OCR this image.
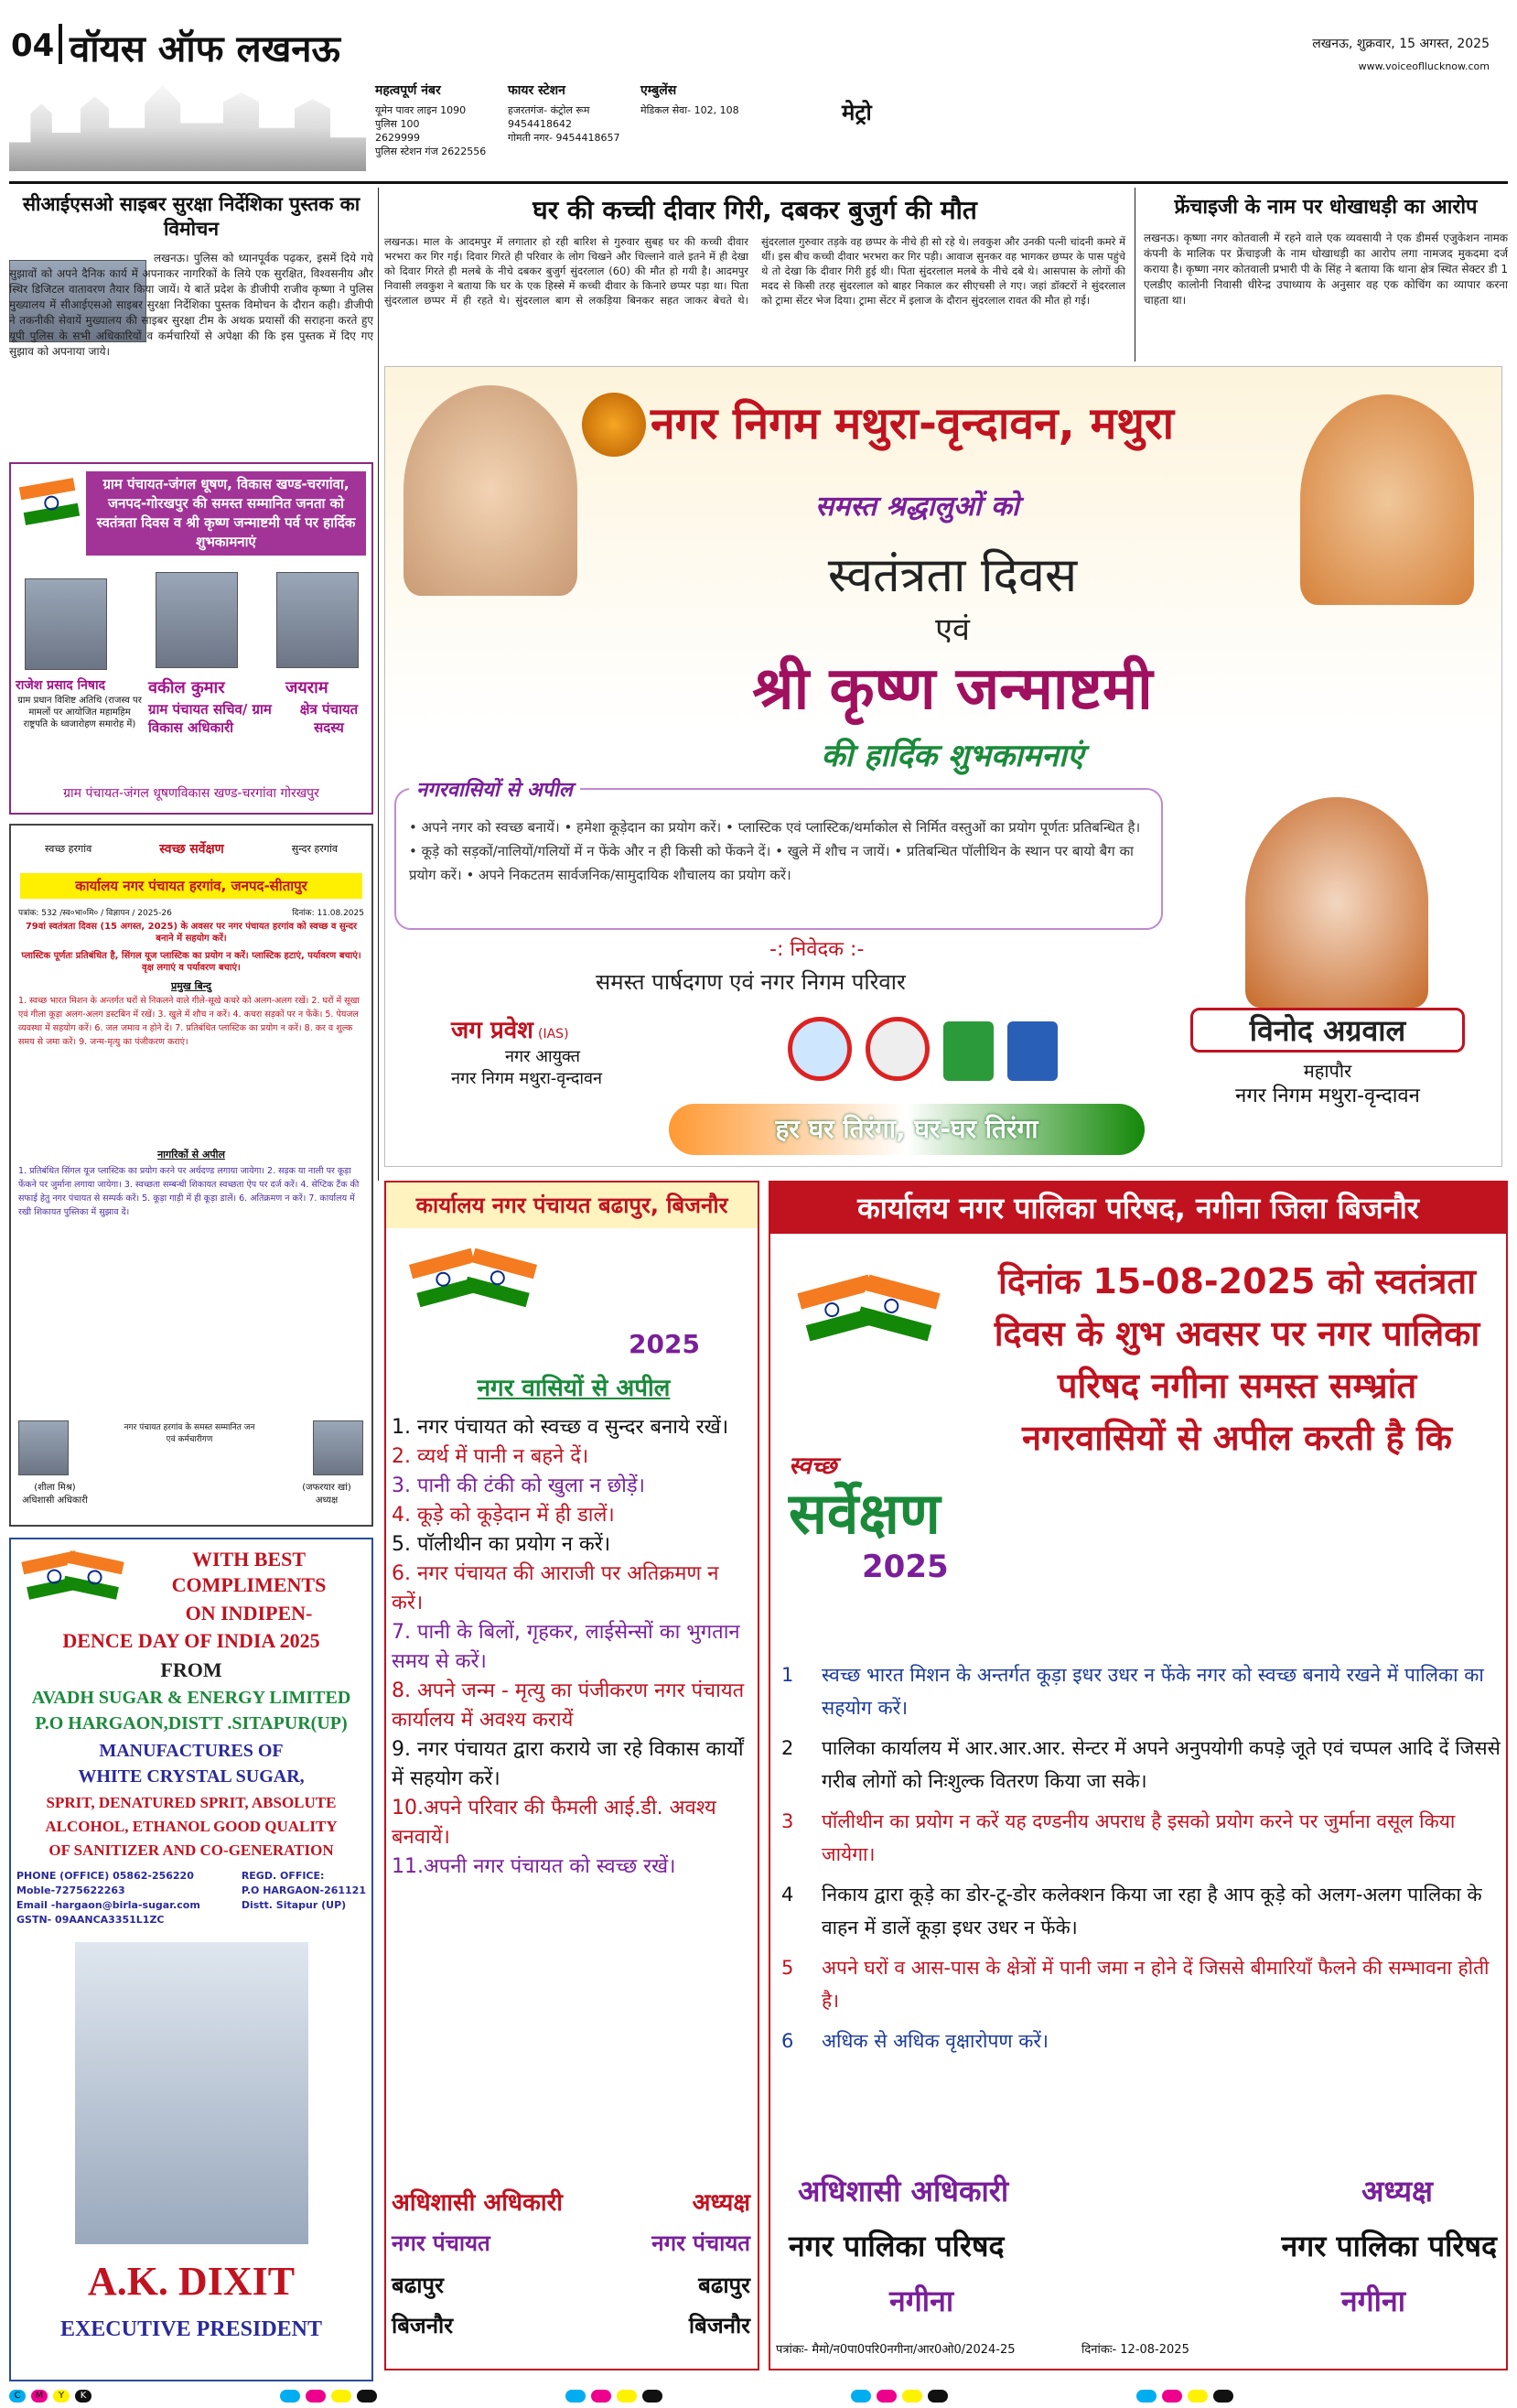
04 वॉयस ऑफ लखनऊ	लखनऊ, शुक्रवार, 15 अगस्त, 2025
www.voiceofllucknow.com
मेट्रो
महत्वपूर्ण नंबर
यूमेन पावर लाइन 1090
पुलिस 100
2629999
पुलिस स्टेशन गंज 2622556
फायर स्टेशन
हजरतगंज- कंट्रोल रूम
9454418642
गोमती नगर- 9454418657
एम्बुलेंस
मेडिकल सेवा- 102, 108
सीआईएसओ साइबर सुरक्षा निर्देशिका पुस्तक का विमोचन
लखनऊ। पुलिस को ध्यानपूर्वक पढ़कर, इसमें दिये गये सुझावों को अपने दैनिक कार्य में अपनाकर नागरिकों के लिये एक सुरक्षित, विश्वसनीय और स्थिर डिजिटल वातावरण तैयार किया जायें। ये बातें प्रदेश के डीजीपी राजीव कृष्णा ने पुलिस मुख्यालय में सीआईएसओ साइबर सुरक्षा निर्देशिका पुस्तक विमोचन के दौरान कही। डीजीपी ने तकनीकी सेवायें मुख्यालय की साइबर सुरक्षा टीम के अथक प्रयासों की सराहना करते हुए यूपी पुलिस के सभी अधिकारियों व कर्मचारियों से अपेक्षा की कि इस पुस्तक में दिए गए सुझाव को अपनाया जाये।
घर की कच्ची दीवार गिरी, दबकर बुजुर्ग की मौत
लखनऊ। माल के आदमपुर में लगातार हो रही बारिश से गुरुवार सुबह घर की कच्ची दीवार भरभरा कर गिर गई। दिवार गिरते ही परिवार के लोग चिखने और चिल्लाने वाले इतने में ही देखा को दिवार गिरते ही मलबे के नीचे दबकर बुजुर्ग सुंदरलाल (60) की मौत हो गयी है। आदमपुर निवासी लवकुश ने बताया कि घर के एक हिस्से में कच्ची दीवार के किनारे छप्पर पड़ा था। पिता सुंदरलाल छप्पर में ही रहते थे। सुंदरलाल बाग से लकड़िया बिनकर सहत जाकर बेचते थे। सुंदरलाल गुरुवार तड़के वह छप्पर के नीचे ही सो रहे थे। लवकुश और उनकी पत्नी चांदनी कमरे में थीं। इस बीच कच्ची दीवार भरभरा कर गिर पड़ी। आवाज सुनकर वह भागकर छप्पर के पास पहुंचे थे तो देखा कि दीवार गिरी हुई थी। पिता सुंदरलाल मलबे के नीचे दबे थे। आसपास के लोगों की मदद से किसी तरह सुंदरलाल को बाहर निकाल कर सीएचसी ले गए। जहां डॉक्टरों ने सुंदरलाल को ट्रामा सेंटर भेज दिया। ट्रामा सेंटर में इलाज के दौरान सुंदरलाल रावत की मौत हो गई।
फ्रेंचाइजी के नाम पर धोखाधड़ी का आरोप
लखनऊ। कृष्णा नगर कोतवाली में रहने वाले एक व्यवसायी ने एक डीमर्स एजुकेशन नामक कंपनी के मालिक पर फ्रेंचाइजी के नाम धोखाधड़ी का आरोप लगा नामजद मुकदमा दर्ज कराया है। कृष्णा नगर कोतवाली प्रभारी पी के सिंह ने बताया कि थाना क्षेत्र स्थित सेक्टर डी 1 एलडीए कालोनी निवासी धीरेन्द्र उपाध्याय के अनुसार वह एक कोचिंग का व्यापार करना चाहता था।
नगर निगम मथुरा-वृन्दावन, मथुरा
समस्त श्रद्धालुओं को
स्वतंत्रता दिवस
एवं
श्री कृष्ण जन्माष्टमी
की हार्दिक शुभकामनाएं
नगरवासियों से अपील
• अपने नगर को स्वच्छ बनायें। • हमेशा कूड़ेदान का प्रयोग करें। • प्लास्टिक एवं प्लास्टिक/थर्माकोल से निर्मित वस्तुओं का प्रयोग पूर्णतः प्रतिबन्धित है। • कूड़े को सड़कों/नालियों/गलियों में न फेंके और न ही किसी को फेंकने दें। • खुले में शौच न जायें। • प्रतिबन्धित पॉलीथिन के स्थान पर बायो बैग का प्रयोग करें। • अपने निकटतम सार्वजनिक/सामुदायिक शौचालय का प्रयोग करें।
-: निवेदक :-
समस्त पार्षदगण एवं नगर निगम परिवार
जग प्रवेश (IAS)
नगर आयुक्त
नगर निगम मथुरा-वृन्दावन
विनोद अग्रवाल
महापौर
नगर निगम मथुरा-वृन्दावन
हर घर तिरंगा, घर-घर तिरंगा
ग्राम पंचायत-जंगल धूषण, विकास खण्ड-चरगांवा, जनपद-गोरखपुर की समस्त सम्मानित जनता को स्वतंत्रता दिवस व श्री कृष्ण जन्माष्टमी पर्व पर हार्दिक शुभकामनाएं
राजेश प्रसाद निषाद
ग्राम प्रधान विशिष्ट अतिथि (राजस्व पर मामलों पर आयोजित महामहिम राष्ट्रपति के ध्वजारोहण समारोह में)
वकील कुमार
ग्राम पंचायत सचिव/ ग्राम विकास अधिकारी
जयराम
क्षेत्र पंचायत सदस्य
ग्राम पंचायत-जंगल धूषणविकास खण्ड-चरगांवा गोरखपुर
स्वच्छ हरगांव	स्वच्छ सर्वेक्षण	सुन्दर हरगांव
कार्यालय नगर पंचायत हरगांव, जनपद-सीतापुर
पत्रांक: 532 /स्व०भा०मि० / विज्ञापन / 2025-26	दिनांक: 11.08.2025
79वां स्वतंत्रता दिवस (15 अगस्त, 2025) के अवसर पर नगर पंचायत हरगांव को स्वच्छ व सुन्दर बनाने में सहयोग करें।
प्लास्टिक पूर्णतः प्रतिबंधित है, सिंगल यूज प्लास्टिक का प्रयोग न करें। प्लास्टिक हटाएं, पर्यावरण बचाएं। वृक्ष लगाएं व पर्यावरण बचाएं।
प्रमुख बिन्दु
1. स्वच्छ भारत मिशन के अन्तर्गत घरों से निकलने वाले गीले-सूखे कचरे को अलग-अलग रखें। 2. घरों में सूखा एवं गीला कूड़ा अलग-अलग डस्टबिन में रखें। 3. खुले में शौच न करें। 4. कचरा सड़कों पर न फेंकें। 5. पेयजल व्यवस्था में सहयोग करें। 6. जल जमाव न होने दें। 7. प्रतिबंधित प्लास्टिक का प्रयोग न करें। 8. कर व शुल्क समय से जमा करें। 9. जन्म-मृत्यु का पंजीकरण कराएं।
नागरिकों से अपील
1. प्रतिबंधित सिंगल यूज प्लास्टिक का प्रयोग करने पर अर्थदण्ड लगाया जायेगा। 2. सड़क या नाली पर कूड़ा फेंकने पर जुर्माना लगाया जायेगा। 3. स्वच्छता सम्बन्धी शिकायत स्वच्छता ऐप पर दर्ज करें। 4. सेप्टिक टैंक की सफाई हेतु नगर पंचायत से सम्पर्क करें। 5. कूड़ा गाड़ी में ही कूड़ा डालें। 6. अतिक्रमण न करें। 7. कार्यालय में रखी शिकायत पुस्तिका में सुझाव दें।
(शीला मिश्र)
अधिशासी अधिकारी
नगर पंचायत हरगांव के समस्त सम्मानित जन एवं कर्मचारीगण
(जफरयार खां)
अध्यक्ष
WITH BEST COMPLIMENTS
ON INDIPEN-
DENCE DAY OF INDIA 2025
FROM
AVADH SUGAR & ENERGY LIMITED
P.O HARGAON,DISTT .SITAPUR(UP)
MANUFACTURES OF
WHITE CRYSTAL SUGAR,
SPRIT, DENATURED SPRIT, ABSOLUTE
ALCOHOL, ETHANOL GOOD QUALITY
OF SANITIZER AND CO-GENERATION
PHONE (OFFICE) 05862-256220
Moble-7275622263
Email -hargaon@birla-sugar.com
GSTN- 09AANCA3351L1ZC
REGD. OFFICE:
P.O HARGAON-261121
Distt. Sitapur (UP)
A.K. DIXIT
EXECUTIVE PRESIDENT
कार्यालय नगर पंचायत बढापुर, बिजनौर
2025
नगर वासियों से अपील
1. नगर पंचायत को स्वच्छ व सुन्दर बनाये रखें।
2. व्यर्थ में पानी न बहने दें।
3. पानी की टंकी को खुला न छोड़ें।
4. कूड़े को कूड़ेदान में ही डालें।
5. पॉलीथीन का प्रयोग न करें।
6. नगर पंचायत की आराजी पर अतिक्रमण न करें।
7. पानी के बिलों, गृहकर, लाईसेन्सों का भुगतान समय से करें।
8. अपने जन्म - मृत्यु का पंजीकरण नगर पंचायत कार्यालय में अवश्य करायें
9. नगर पंचायत द्वारा कराये जा रहे विकास कार्यों में सहयोग करें।
10.अपने परिवार की फैमली आई.डी. अवश्य बनवायें।
11.अपनी नगर पंचायत को स्वच्छ रखें।
अधिशासी अधिकारी	अध्यक्ष
नगर पंचायत	नगर पंचायत
बढापुर	बढापुर
बिजनौर	बिजनौर
कार्यालय नगर पालिका परिषद, नगीना जिला बिजनौर
स्वच्छ
सर्वेक्षण
2025
दिनांक 15-08-2025 को स्वतंत्रता दिवस के शुभ अवसर पर नगर पालिका परिषद नगीना समस्त सम्भ्रांत नगरवासियों से अपील करती है कि
1	स्वच्छ भारत मिशन के अन्तर्गत कूड़ा इधर उधर न फेंके नगर को स्वच्छ बनाये रखने में पालिका का सहयोग करें।
2	पालिका कार्यालय में आर.आर.आर. सेन्टर में अपने अनुपयोगी कपड़े जूते एवं चप्पल आदि दें जिससे गरीब लोगों को निःशुल्क वितरण किया जा सके।
3	पॉलीथीन का प्रयोग न करें यह दण्डनीय अपराध है इसको प्रयोग करने पर जुर्माना वसूल किया जायेगा।
4	निकाय द्वारा कूड़े का डोर-टू-डोर कलेक्शन किया जा रहा है आप कूड़े को अलग-अलग पालिका के वाहन में डालें कूड़ा इधर उधर न फेंके।
5	अपने घरों व आस-पास के क्षेत्रों में पानी जमा न होने दें जिससे बीमारियाँ फैलने की सम्भावना होती है।
6	अधिक से अधिक वृक्षारोपण करें।
अधिशासी अधिकारी	अध्यक्ष
नगर पालिका परिषद	नगर पालिका परिषद
नगीना	नगीना
पत्रांकः- मैमो/न0पा0परि0नगीना/आर0ओ0/2024-25	दिनांकः- 12-08-2025
C	M	Y	K
